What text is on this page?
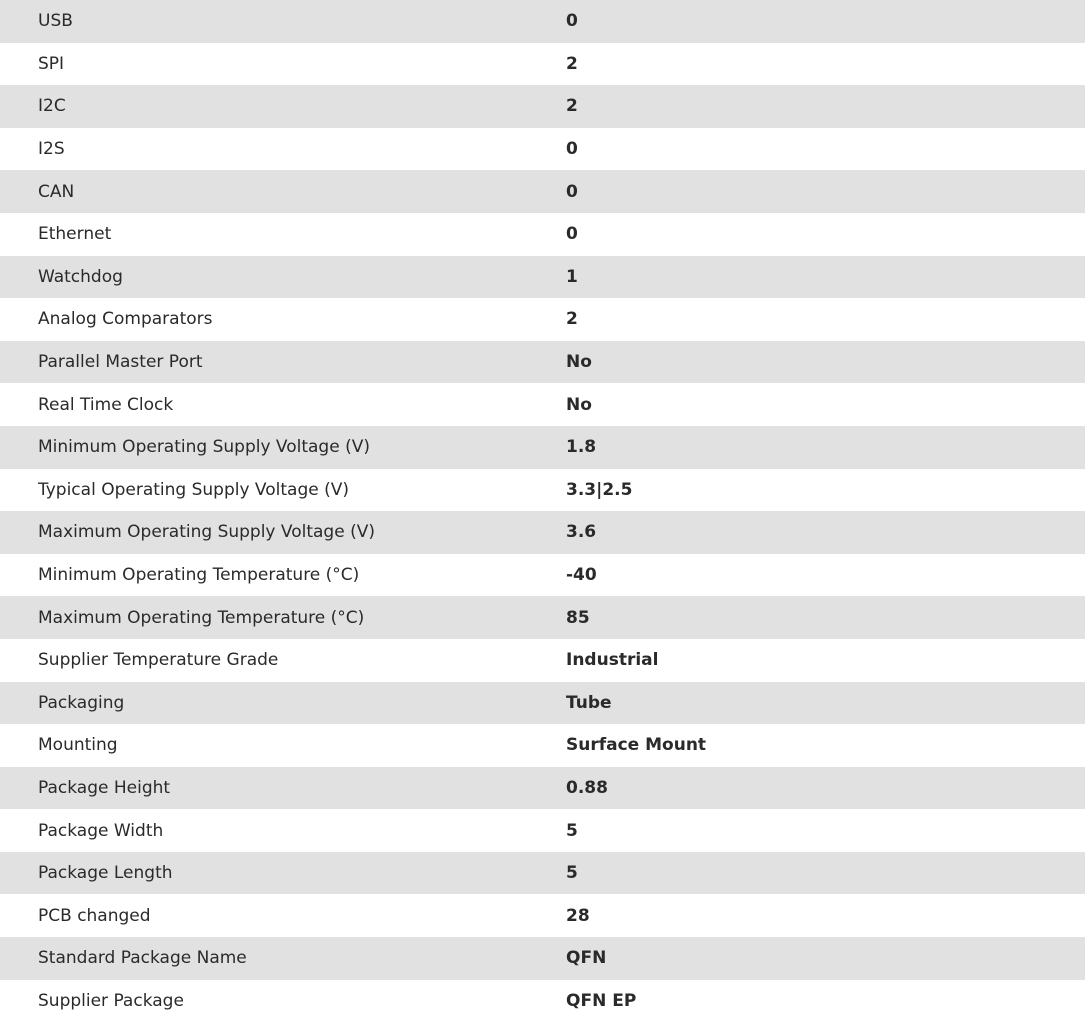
USB	0
SPI	2
I2C	2
I2S	0
CAN	0
Ethernet	0
Watchdog	1
Analog Comparators	2
Parallel Master Port	No
Real Time Clock	No
Minimum Operating Supply Voltage (V)	1.8
Typical Operating Supply Voltage (V)	3.3|2.5
Maximum Operating Supply Voltage (V)	3.6
Minimum Operating Temperature (°C)	-40
Maximum Operating Temperature (°C)	85
Supplier Temperature Grade	Industrial
Packaging	Tube
Mounting	Surface Mount
Package Height	0.88
Package Width	5
Package Length	5
PCB changed	28
Standard Package Name	QFN
Supplier Package	QFN EP
